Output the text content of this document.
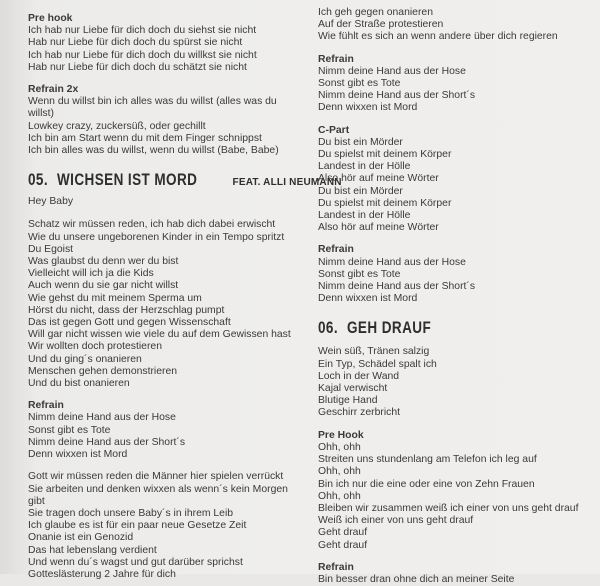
Pre hook
Ich hab nur Liebe für dich doch du siehst sie nicht
Hab nur Liebe für dich doch du spürst sie nicht
Ich hab nur Liebe für dich doch du willkst sie nicht
Hab nur Liebe für dich doch du schätzt sie nicht
Refrain 2x
Wenn du willst bin ich alles was du willst (alles was du
willst)
Lowkey crazy, zuckersüß, oder gechillt
Ich bin am Start wenn du mit dem Finger schnippst
Ich bin alles was du willst, wenn du willst (Babe, Babe)
05. WICHSEN IST MORD	FEAT. ALLI NEUMANN
Hey Baby
Schatz wir müssen reden, ich hab dich dabei erwischt
Wie du unsere ungeborenen Kinder in ein Tempo spritzt
Du Egoist
Was glaubst du denn wer du bist
Vielleicht will ich ja die Kids
Auch wenn du sie gar nicht willst
Wie gehst du mit meinem Sperma um
Hörst du nicht, dass der Herzschlag pumpt
Das ist gegen Gott und gegen Wissenschaft
Will gar nicht wissen wie viele du auf dem Gewissen hast
Wir wollten doch protestieren
Und du ging´s onanieren
Menschen gehen demonstrieren
Und du bist onanieren
Refrain
Nimm deine Hand aus der Hose
Sonst gibt es Tote
Nimm deine Hand aus der Short´s
Denn wixxen ist Mord
Gott wir müssen reden die Männer hier spielen verrückt
Sie arbeiten und denken wixxen als wenn´s kein Morgen
gibt
Sie tragen doch unsere Baby´s in ihrem Leib
Ich glaube es ist für ein paar neue Gesetze Zeit
Onanie ist ein Genozid
Das hat lebenslang verdient
Und wenn du´s wagst und gut darüber sprichst
Gotteslästerung 2 Jahre für dich
Ich geh gegen onanieren
Auf der Straße protestieren
Wie fühlt es sich an wenn andere über dich regieren
Refrain
Nimm deine Hand aus der Hose
Sonst gibt es Tote
Nimm deine Hand aus der Short´s
Denn wixxen ist Mord
C-Part
Du bist ein Mörder
Du spielst mit deinem Körper
Landest in der Hölle
Also hör auf meine Wörter
Du bist ein Mörder
Du spielst mit deinem Körper
Landest in der Hölle
Also hör auf meine Wörter
Refrain
Nimm deine Hand aus der Hose
Sonst gibt es Tote
Nimm deine Hand aus der Short´s
Denn wixxen ist Mord
06. GEH DRAUF
Wein süß, Tränen salzig
Ein Typ, Schädel spalt ich
Loch in der Wand
Kajal verwischt
Blutige Hand
Geschirr zerbricht
Pre Hook
Ohh, ohh
Streiten uns stundenlang am Telefon ich leg auf
Ohh, ohh
Bin ich nur die eine oder eine von Zehn Frauen
Ohh, ohh
Bleiben wir zusammen weiß ich einer von uns geht drauf
Weiß ich einer von uns geht drauf
Geht drauf
Geht drauf
Refrain
Bin besser dran ohne dich an meiner Seite
